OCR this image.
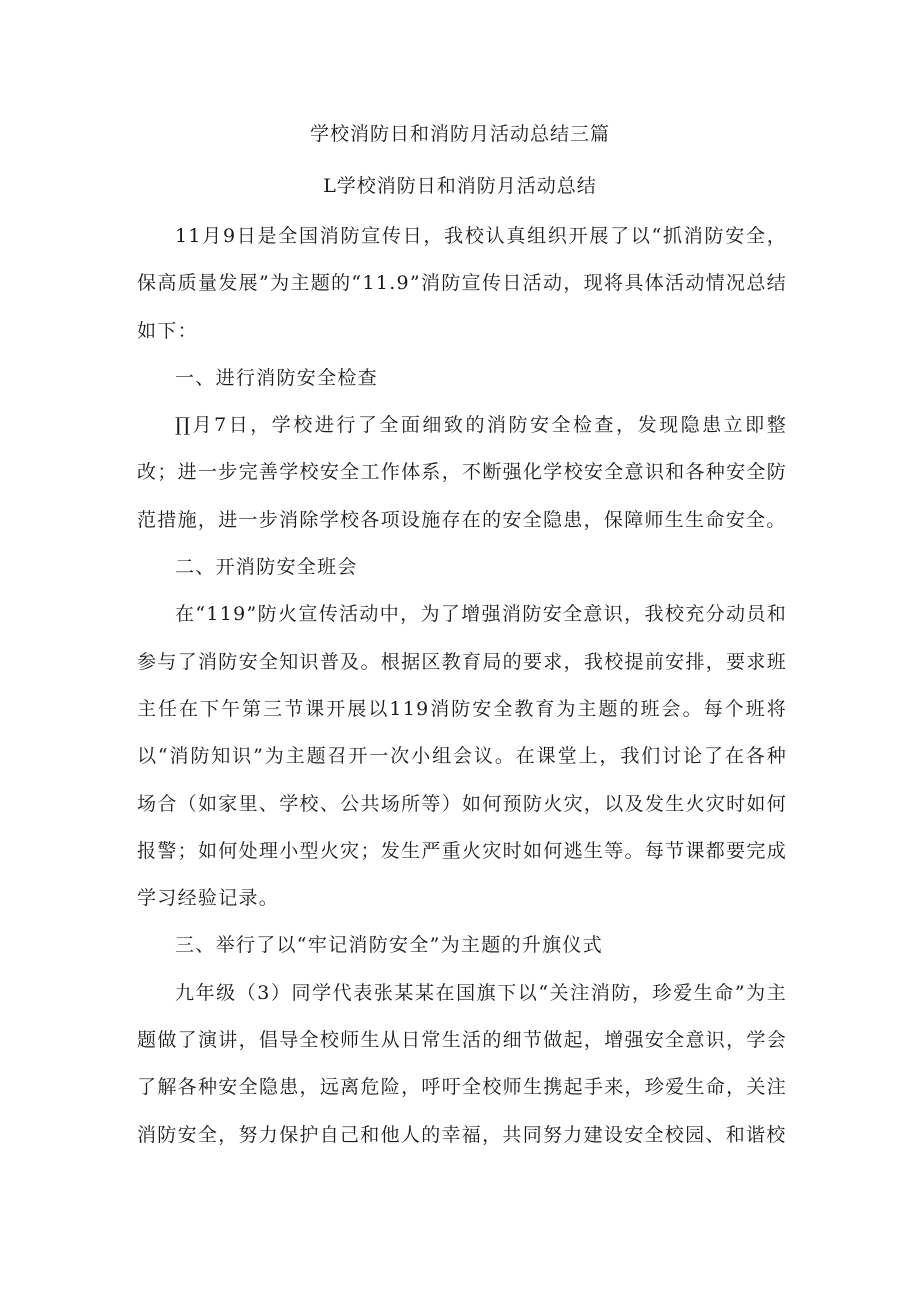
学校消防日和消防月活动总结三篇
L学校消防日和消防月活动总结

11月9日是全国消防宣传日，我校认真组织开展了以“抓消防安全，保高质量发展”为主题的“11.9”消防宣传日活动，现将具体活动情况总结如下：

一、进行消防安全检查

∏月7日，学校进行了全面细致的消防安全检查，发现隐患立即整改；进一步完善学校安全工作体系，不断强化学校安全意识和各种安全防范措施，进一步消除学校各项设施存在的安全隐患，保障师生生命安全。

二、开消防安全班会

在“119”防火宣传活动中，为了增强消防安全意识，我校充分动员和参与了消防安全知识普及。根据区教育局的要求，我校提前安排，要求班主任在下午第三节课开展以119消防安全教育为主题的班会。每个班将以“消防知识”为主题召开一次小组会议。在课堂上，我们讨论了在各种场合（如家里、学校、公共场所等）如何预防火灾，以及发生火灾时如何报警；如何处理小型火灾；发生严重火灾时如何逃生等。每节课都要完成学习经验记录。

三、举行了以“牢记消防安全”为主题的升旗仪式

九年级（3）同学代表张某某在国旗下以“关注消防，珍爱生命”为主题做了演讲，倡导全校师生从日常生活的细节做起，增强安全意识，学会了解各种安全隐患，远离危险，呼吁全校师生携起手来，珍爱生命，关注消防安全，努力保护自己和他人的幸福，共同努力建设安全校园、和谐校
